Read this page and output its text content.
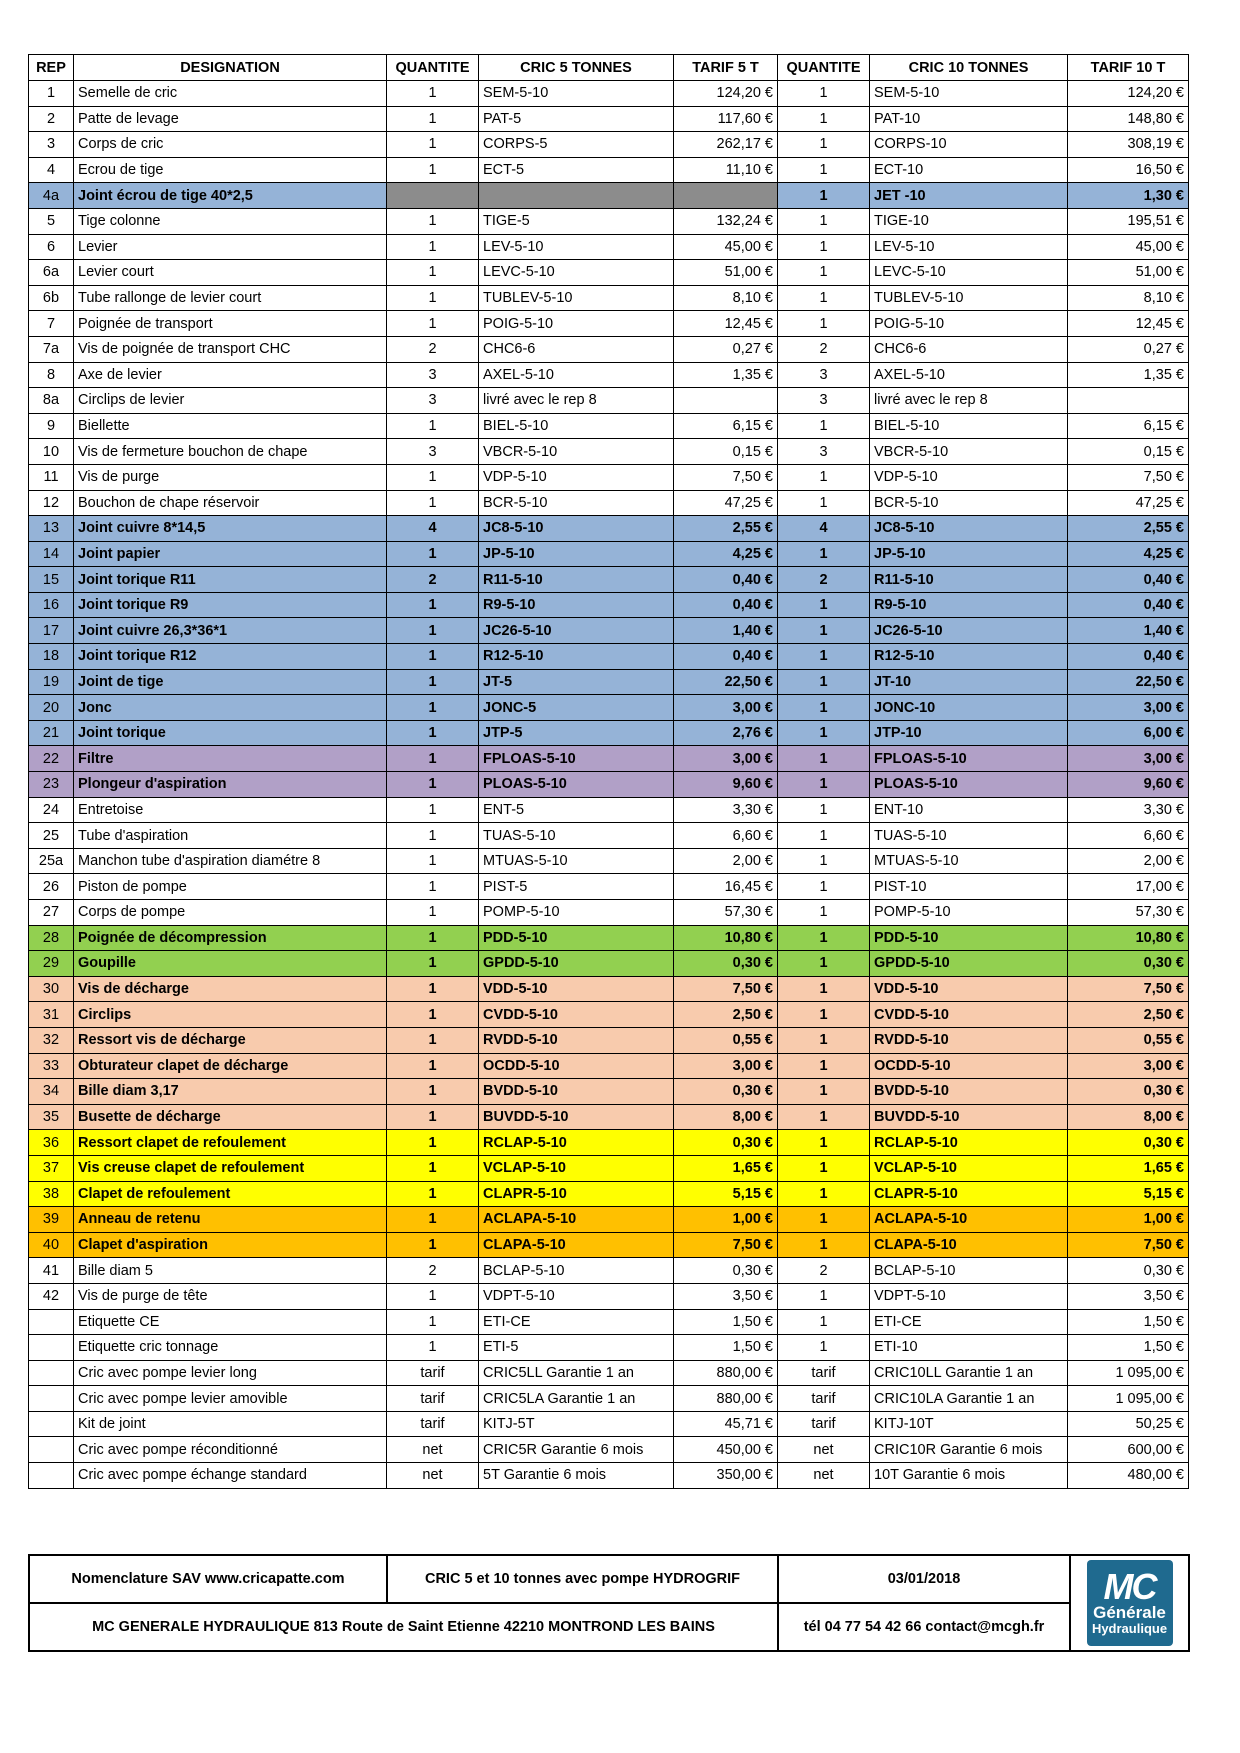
REP	DESIGNATION	QUANTITE	CRIC 5 TONNES	TARIF 5 T	QUANTITE	CRIC 10 TONNES	TARIF 10 T
1	Semelle de cric	1	SEM-5-10	124,20 €	1	SEM-5-10	124,20 €
2	Patte de levage	1	PAT-5	117,60 €	1	PAT-10	148,80 €
3	Corps de cric	1	CORPS-5	262,17 €	1	CORPS-10	308,19 €
4	Ecrou de tige	1	ECT-5	11,10 €	1	ECT-10	16,50 €
4a	Joint écrou de tige 40*2,5				1	JET -10	1,30 €
5	Tige colonne	1	TIGE-5	132,24 €	1	TIGE-10	195,51 €
6	Levier	1	LEV-5-10	45,00 €	1	LEV-5-10	45,00 €
6a	Levier court	1	LEVC-5-10	51,00 €	1	LEVC-5-10	51,00 €
6b	Tube rallonge de levier court	1	TUBLEV-5-10	8,10 €	1	TUBLEV-5-10	8,10 €
7	Poignée de transport	1	POIG-5-10	12,45 €	1	POIG-5-10	12,45 €
7a	Vis de poignée de transport CHC	2	CHC6-6	0,27 €	2	CHC6-6	0,27 €
8	Axe de levier	3	AXEL-5-10	1,35 €	3	AXEL-5-10	1,35 €
8a	Circlips de levier	3	livré avec le rep 8		3	livré avec le rep 8	
9	Biellette	1	BIEL-5-10	6,15 €	1	BIEL-5-10	6,15 €
10	Vis de fermeture bouchon de chape	3	VBCR-5-10	0,15 €	3	VBCR-5-10	0,15 €
11	Vis de purge	1	VDP-5-10	7,50 €	1	VDP-5-10	7,50 €
12	Bouchon de chape réservoir	1	BCR-5-10	47,25 €	1	BCR-5-10	47,25 €
13	Joint cuivre 8*14,5	4	JC8-5-10	2,55 €	4	JC8-5-10	2,55 €
14	Joint papier	1	JP-5-10	4,25 €	1	JP-5-10	4,25 €
15	Joint torique R11	2	R11-5-10	0,40 €	2	R11-5-10	0,40 €
16	Joint torique R9	1	R9-5-10	0,40 €	1	R9-5-10	0,40 €
17	Joint cuivre 26,3*36*1	1	JC26-5-10	1,40 €	1	JC26-5-10	1,40 €
18	Joint torique R12	1	R12-5-10	0,40 €	1	R12-5-10	0,40 €
19	Joint de tige	1	JT-5	22,50 €	1	JT-10	22,50 €
20	Jonc	1	JONC-5	3,00 €	1	JONC-10	3,00 €
21	Joint torique	1	JTP-5	2,76 €	1	JTP-10	6,00 €
22	Filtre	1	FPLOAS-5-10	3,00 €	1	FPLOAS-5-10	3,00 €
23	Plongeur d'aspiration	1	PLOAS-5-10	9,60 €	1	PLOAS-5-10	9,60 €
24	Entretoise	1	ENT-5	3,30 €	1	ENT-10	3,30 €
25	Tube d'aspiration	1	TUAS-5-10	6,60 €	1	TUAS-5-10	6,60 €
25a	Manchon tube d'aspiration diamétre 8	1	MTUAS-5-10	2,00 €	1	MTUAS-5-10	2,00 €
26	Piston de pompe	1	PIST-5	16,45 €	1	PIST-10	17,00 €
27	Corps de pompe	1	POMP-5-10	57,30 €	1	POMP-5-10	57,30 €
28	Poignée de décompression	1	PDD-5-10	10,80 €	1	PDD-5-10	10,80 €
29	Goupille	1	GPDD-5-10	0,30 €	1	GPDD-5-10	0,30 €
30	Vis de décharge	1	VDD-5-10	7,50 €	1	VDD-5-10	7,50 €
31	Circlips	1	CVDD-5-10	2,50 €	1	CVDD-5-10	2,50 €
32	Ressort vis de décharge	1	RVDD-5-10	0,55 €	1	RVDD-5-10	0,55 €
33	Obturateur clapet de décharge	1	OCDD-5-10	3,00 €	1	OCDD-5-10	3,00 €
34	Bille diam 3,17	1	BVDD-5-10	0,30 €	1	BVDD-5-10	0,30 €
35	Busette de décharge	1	BUVDD-5-10	8,00 €	1	BUVDD-5-10	8,00 €
36	Ressort clapet de refoulement	1	RCLAP-5-10	0,30 €	1	RCLAP-5-10	0,30 €
37	Vis creuse clapet de refoulement	1	VCLAP-5-10	1,65 €	1	VCLAP-5-10	1,65 €
38	Clapet de refoulement	1	CLAPR-5-10	5,15 €	1	CLAPR-5-10	5,15 €
39	Anneau de retenu	1	ACLAPA-5-10	1,00 €	1	ACLAPA-5-10	1,00 €
40	Clapet d'aspiration	1	CLAPA-5-10	7,50 €	1	CLAPA-5-10	7,50 €
41	Bille diam 5	2	BCLAP-5-10	0,30 €	2	BCLAP-5-10	0,30 €
42	Vis de purge de tête	1	VDPT-5-10	3,50 €	1	VDPT-5-10	3,50 €
	Etiquette CE	1	ETI-CE	1,50 €	1	ETI-CE	1,50 €
	Etiquette cric tonnage	1	ETI-5	1,50 €	1	ETI-10	1,50 €
	Cric avec pompe levier long	tarif	CRIC5LL Garantie 1 an	880,00 €	tarif	CRIC10LL Garantie 1 an	1 095,00 €
	Cric avec pompe levier amovible	tarif	CRIC5LA Garantie 1 an	880,00 €	tarif	CRIC10LA Garantie 1 an	1 095,00 €
	Kit de joint	tarif	KITJ-5T	45,71 €	tarif	KITJ-10T	50,25 €
	Cric avec pompe réconditionné	net	CRIC5R Garantie 6 mois	450,00 €	net	CRIC10R Garantie 6 mois	600,00 €
	Cric avec pompe échange standard	net	5T Garantie 6 mois	350,00 €	net	10T Garantie 6 mois	480,00 €
Nomenclature SAV www.cricapatte.com	CRIC 5 et 10 tonnes avec pompe HYDROGRIF	03/01/2018	MC
Générale
Hydraulique

MC GENERALE HYDRAULIQUE 813 Route de Saint Etienne 42210 MONTROND LES BAINS		tél 04 77 54 42 66 contact@mcgh.fr	
